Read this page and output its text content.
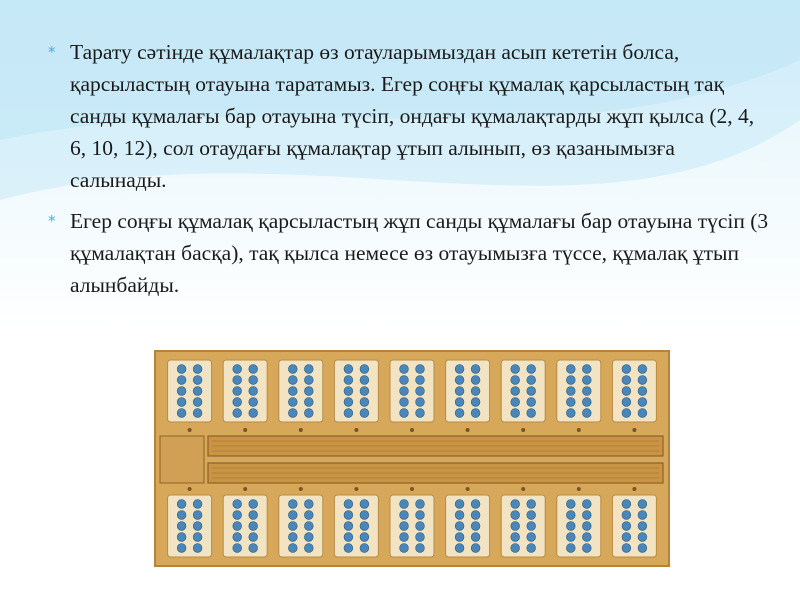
* Тарату сәтінде құмалақтар өз отауларымыздан асып кететін болса, қарсыластың отауына таратамыз. Егер соңғы құмалақ қарсыластың тақ санды құмалағы бар отауына түсіп, ондағы құмалақтарды жұп қылса (2, 4, 6, 10, 12), сол отаудағы құмалақтар ұтып алынып, өз қазанымызға салынады.
* Егер соңғы құмалақ қарсыластың жұп санды құмалағы бар отауына түсіп (3 құмалақтан басқа), тақ қылса немесе өз отауымызға түссе, құмалақ ұтып алынбайды.
